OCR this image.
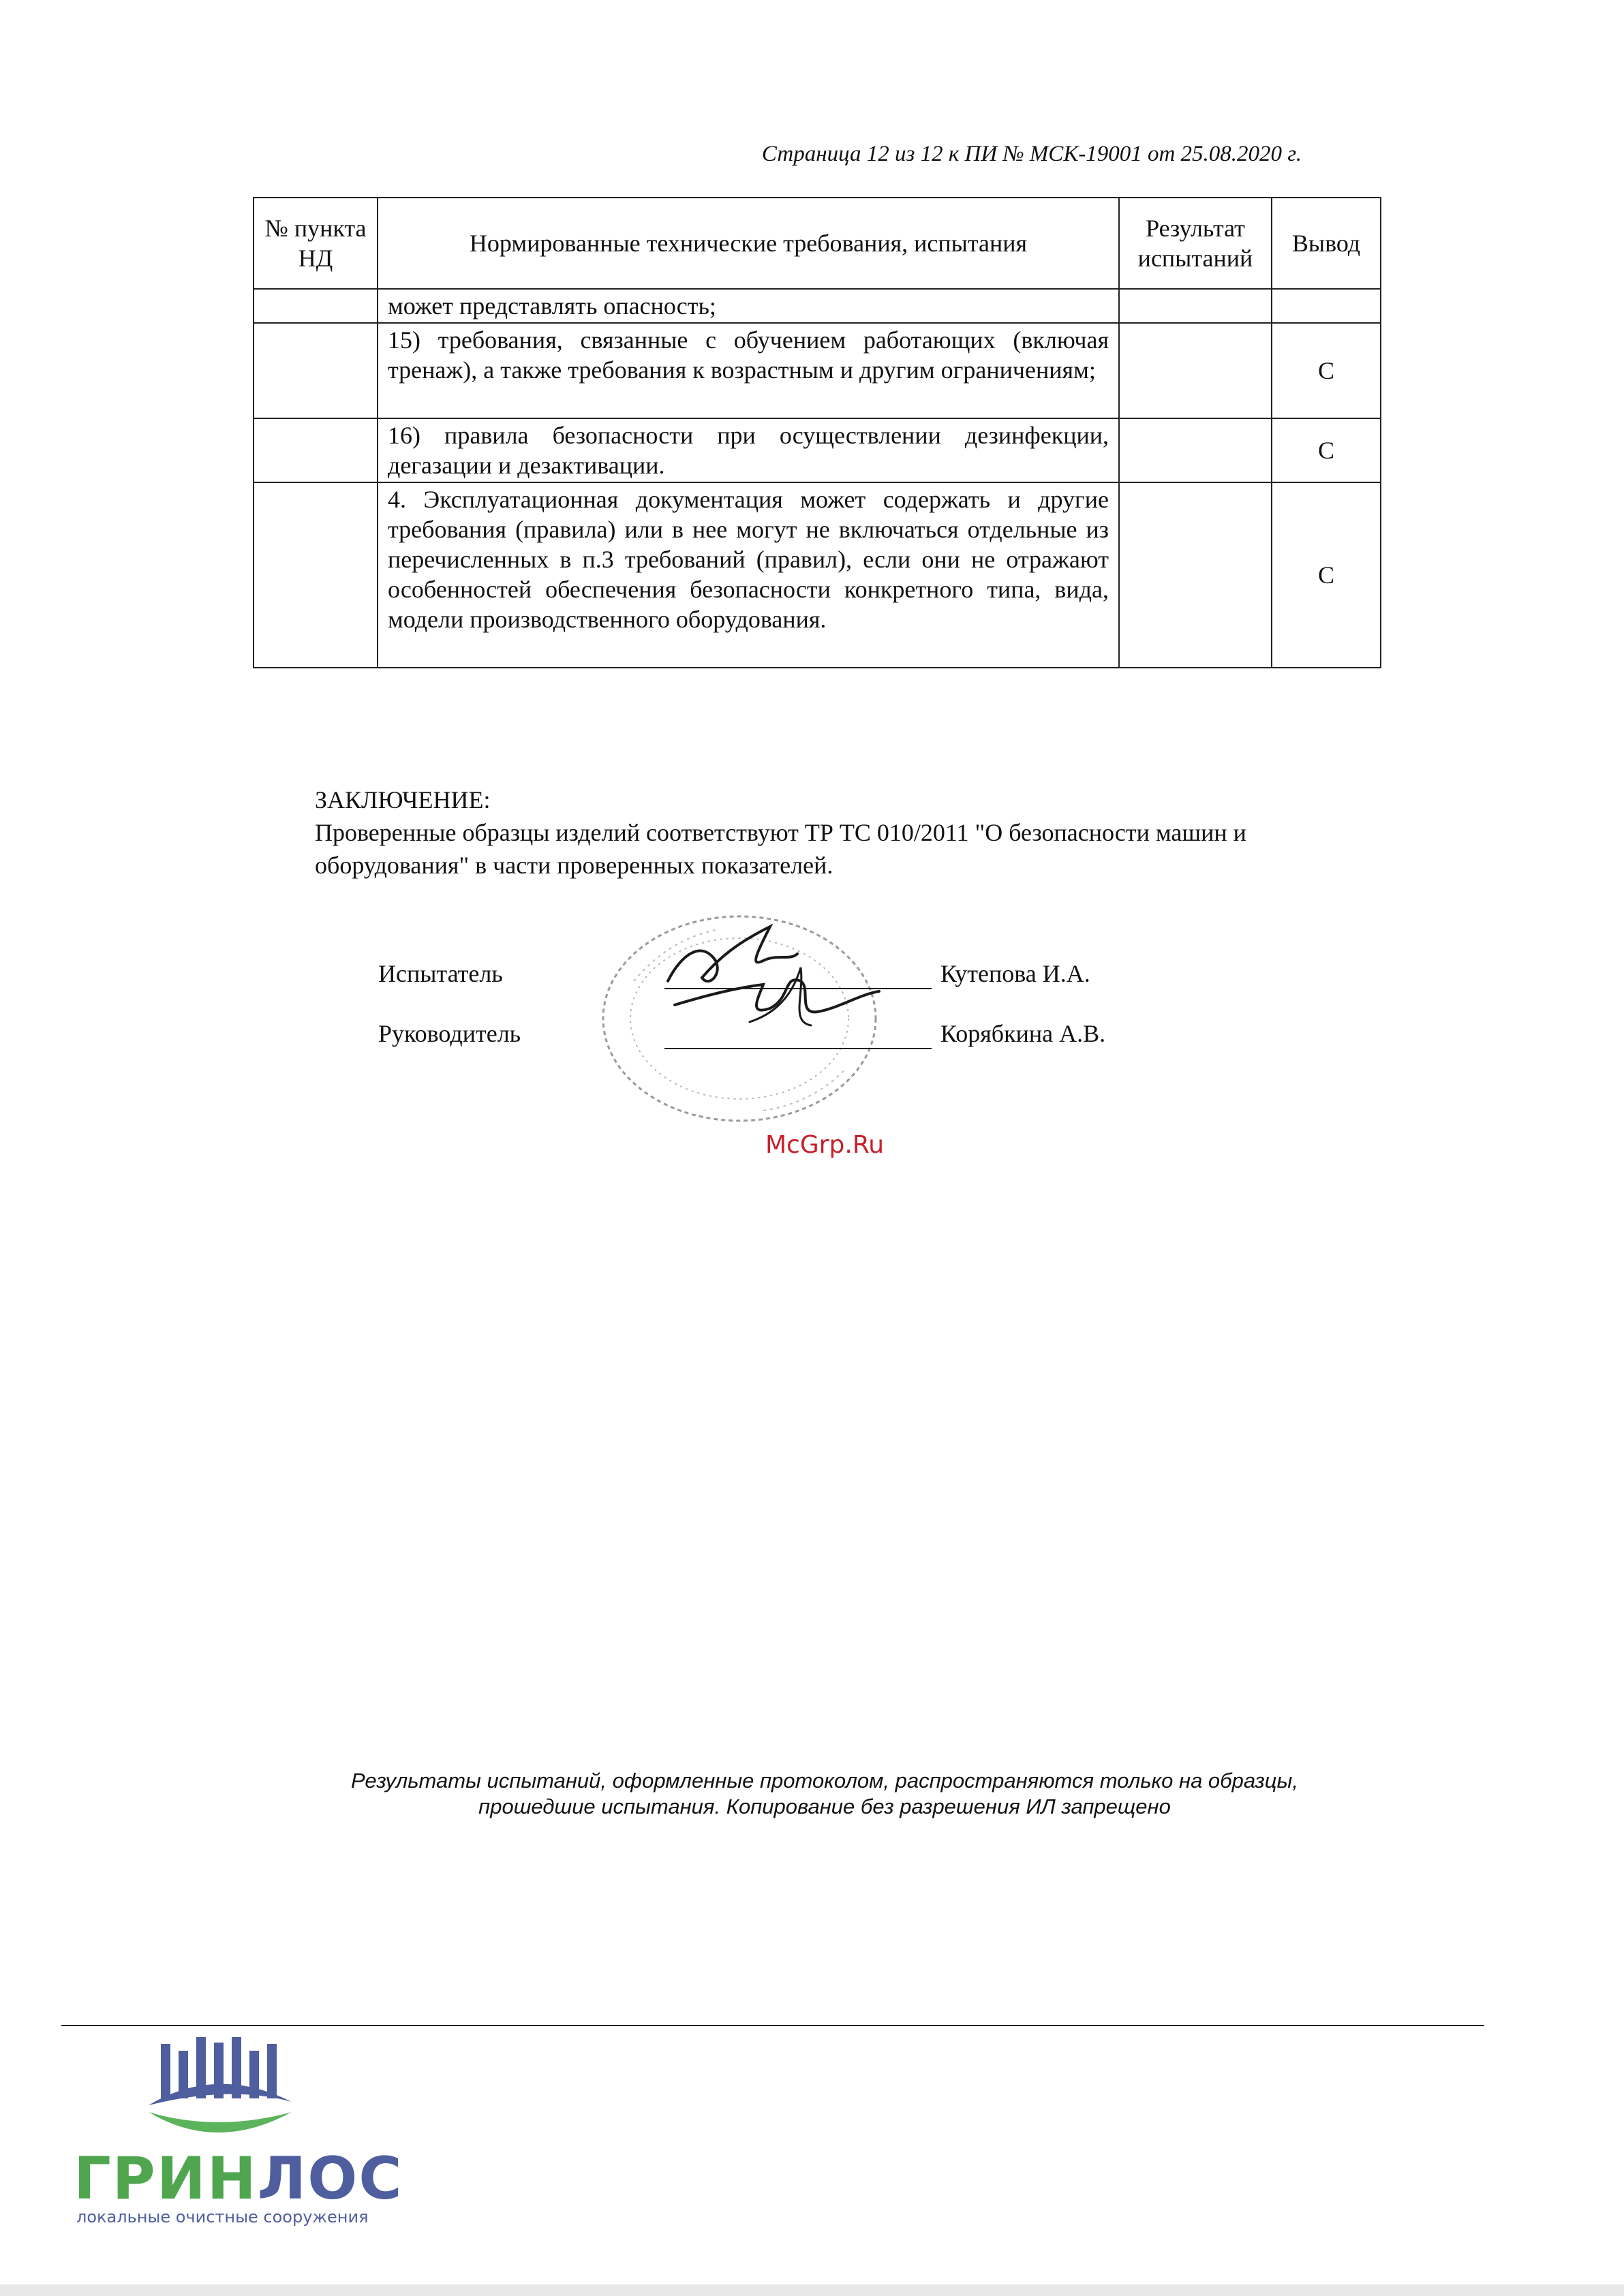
Страница 12 из 12 к ПИ № МСК-19001 от 25.08.2020 г.
№ пункта НД	Нормированные технические требования, испытания	Результат испытаний	Вывод
	может представлять опасность;		
	15) требования, связанные с обучением работающих (включая тренаж), а также требования к возрастным и другим ограничениям;		С
	16) правила безопасности при осуществлении дезинфекции, дегазации и дезактивации.		С
	4. Эксплуатационная документация может содержать и другие требования (правила) или в нее могут не включаться отдельные из перечисленных в п.3 требований (правил), если они не отражают особенностей обеспечения безопасности конкретного типа, вида, модели производственного оборудования.		С
ЗАКЛЮЧЕНИЕ:
Проверенные образцы изделий соответствуют ТР ТС 010/2011 "О безопасности машин и оборудования" в части проверенных показателей.
Испытатель	Кутепова И.А.
Руководитель	Корябкина А.В.
McGrp.Ru
Результаты испытаний, оформленные протоколом, распространяются только на образцы,
прошедшие испытания. Копирование без разрешения ИЛ запрещено
ГРИНЛОС
локальные очистные сооружения
